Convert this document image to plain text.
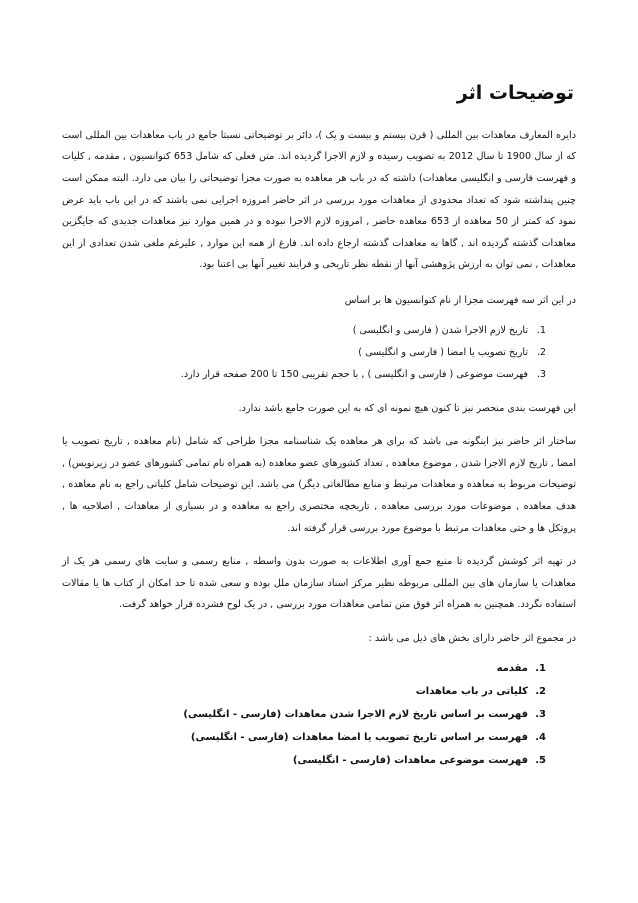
توضیحات اثر

دایره المعارف معاهدات بین المللی ( قرن بیستم و بیست و یک )، دائر بر توضیحاتی نسبتا جامع در باب معاهدات بین المللی است که از سال 1900 تا سال 2012 به تصویب رسیده و لازم الاجرا گردیده اند. متن فعلی که شامل 653 کنوانسیون , مقدمه , کلیات و فهرست فارسی و انگلیسی معاهدات) داشته که در باب هر معاهده به صورت مجزا توضیحاتی را بیان می دارد. البته ممکن است چنین پنداشته شود که تعداد محدودی از معاهدات مورد بررسی در اثر حاضر امروزه اجرایی نمی باشند که در این باب باید عرض نمود که کمتر از 50 معاهده از 653 معاهده حاضر , امروزه لازم الاجرا نبوده و در همین موارد نیز معاهدات جدیدی که جایگزین معاهدات گذشته گردیده اند , گاها به معاهدات گذشته ارجاع داده اند. فارغ از همه این موارد , علیرغم ملغی شدن تعدادی از این معاهدات , نمی توان به ارزش پژوهشی آنها از نقطه نظر تاریخی و فرایند تغییر آنها بی اعتنا بود.

در این اثر سه فهرست مجزا از نام کنوانسیون ها بر اساس

1.
تاریخ لازم الاجرا شدن ( فارسی و انگلیسی )
2.
تاریخ تصویب یا امضا ( فارسی و انگلیسی )
3.
فهرست موضوعی ( فارسی و انگلیسی ) , با حجم تقریبی 150 تا 200 صفحه قرار دارد.

این فهرست بندی منحصر نیز تا کنون هیچ نمونه ای که به این صورت جامع باشد ندارد.

ساختار اثر حاضر نیز اینگونه می باشد که برای هر معاهده یک شناسنامه مجزا طراحی که شامل (نام معاهده , تاریخ تصویب یا امضا , تاریخ لازم الاجرا شدن , موضوع معاهده , تعداد کشورهای عضو معاهده (به همراه نام تمامی کشورهای عضو در زیرنویس) , توضیحات مربوط به معاهده و معاهدات مرتبط و منابع مطالعاتی دیگر) می باشد. این توضیحات شامل کلیاتی راجع به نام معاهده , هدف معاهده , موضوعات مورد بررسی معاهده , تاریخچه مختصری راجع به معاهده و در بسیاری از معاهدات , اصلاحیه ها , پروتکل ها و حتی معاهدات مرتبط با موضوع مورد بررسی قرار گرفته اند.

در تهیه اثر کوشش گردیده تا منبع جمع آوری اطلاعات به صورت بدون واسطه , منابع رسمی و سایت های رسمی هر یک از معاهدات یا سازمان های بین المللی مربوطه نظیر مرکز اسناد سازمان ملل بوده و سعی شده تا حد امکان از کتاب ها یا مقالات استفاده نگردد. همچنین به همراه اثر فوق متن تمامی معاهدات مورد بررسی , در یک لوح فشرده قرار خواهد گرفت.

در مجموع اثر حاضر دارای بخش های ذیل می باشد :

1.
مقدمه
2.
کلیاتی در باب معاهدات
3.
فهرست بر اساس تاریخ لازم الاجرا شدن معاهدات (فارسی - انگلیسی)
4.
فهرست بر اساس تاریخ تصویب یا امضا معاهدات (فارسی - انگلیسی)
5.
فهرست موضوعی معاهدات (فارسی - انگلیسی)
